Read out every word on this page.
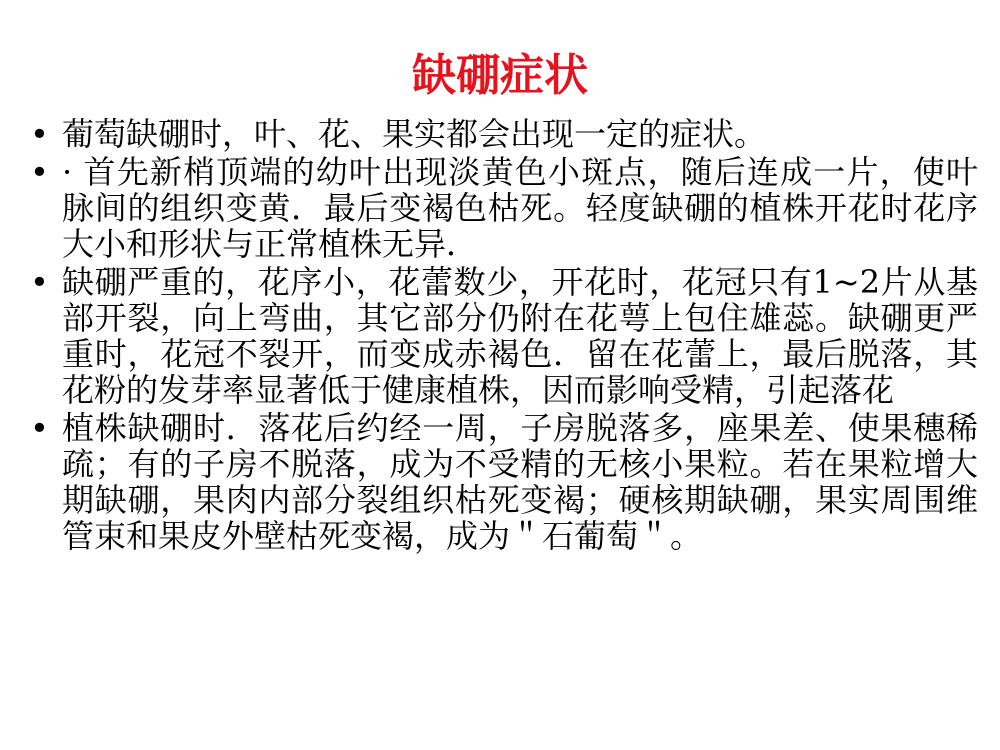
缺硼症状
• 葡萄缺硼时，叶、花、果实都会出现一定的症状。
• · 首先新梢顶端的幼叶出现淡黄色小斑点，随后连成一片，使叶脉间的组织变黄．最后变褐色枯死。轻度缺硼的植株开花时花序大小和形状与正常植株无异．
• 缺硼严重的，花序小，花蕾数少，开花时，花冠只有1~2片从基部开裂，向上弯曲，其它部分仍附在花萼上包住雄蕊。缺硼更严重时，花冠不裂开，而变成赤褐色．留在花蕾上，最后脱落，其花粉的发芽率显著低于健康植株，因而影响受精，引起落花
• 植株缺硼时．落花后约经一周，子房脱落多，座果差、使果穗稀疏；有的子房不脱落，成为不受精的无核小果粒。若在果粒增大期缺硼，果肉内部分裂组织枯死变褐；硬核期缺硼，果实周围维管束和果皮外壁枯死变褐，成为＂石葡萄＂。
